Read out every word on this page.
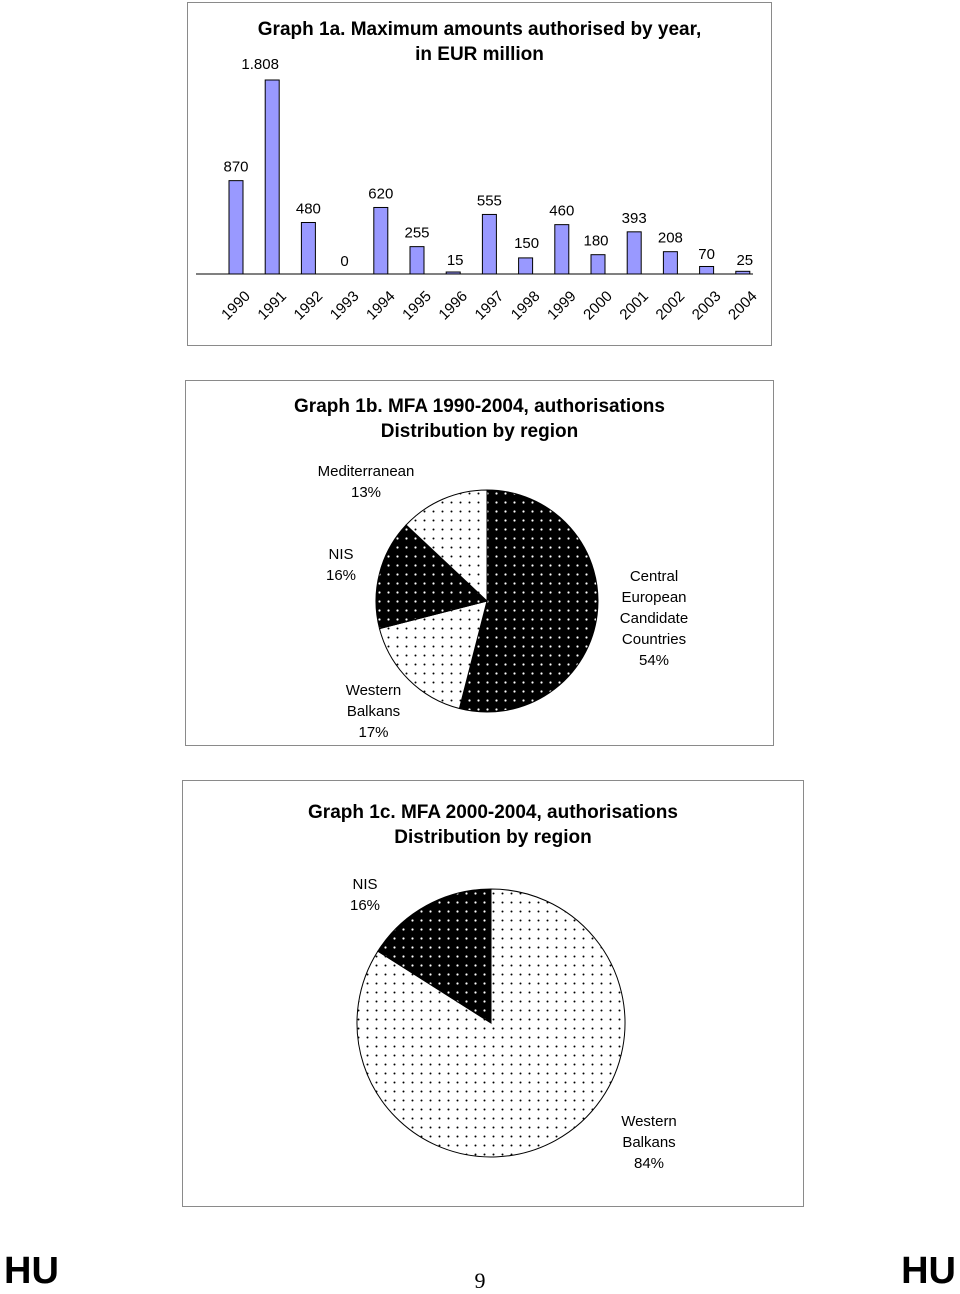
Graph 1a. Maximum amounts authorised by year,
in EUR million
870
1990
1.808
1991
480
1992
0
1993
620
1994
255
1995
15
1996
555
1997
150
1998
460
1999
180
2000
393
2001
208
2002
70
2003
25
2004
Graph 1b. MFA 1990-2004, authorisations
Distribution by region
Central
European
Candidate
Countries
54%
Western
Balkans
17%
NIS
16%
Mediterranean
13%
Graph 1c. MFA 2000-2004, authorisations
Distribution by region
Western
Balkans
84%
NIS
16%
HU	9	HU
